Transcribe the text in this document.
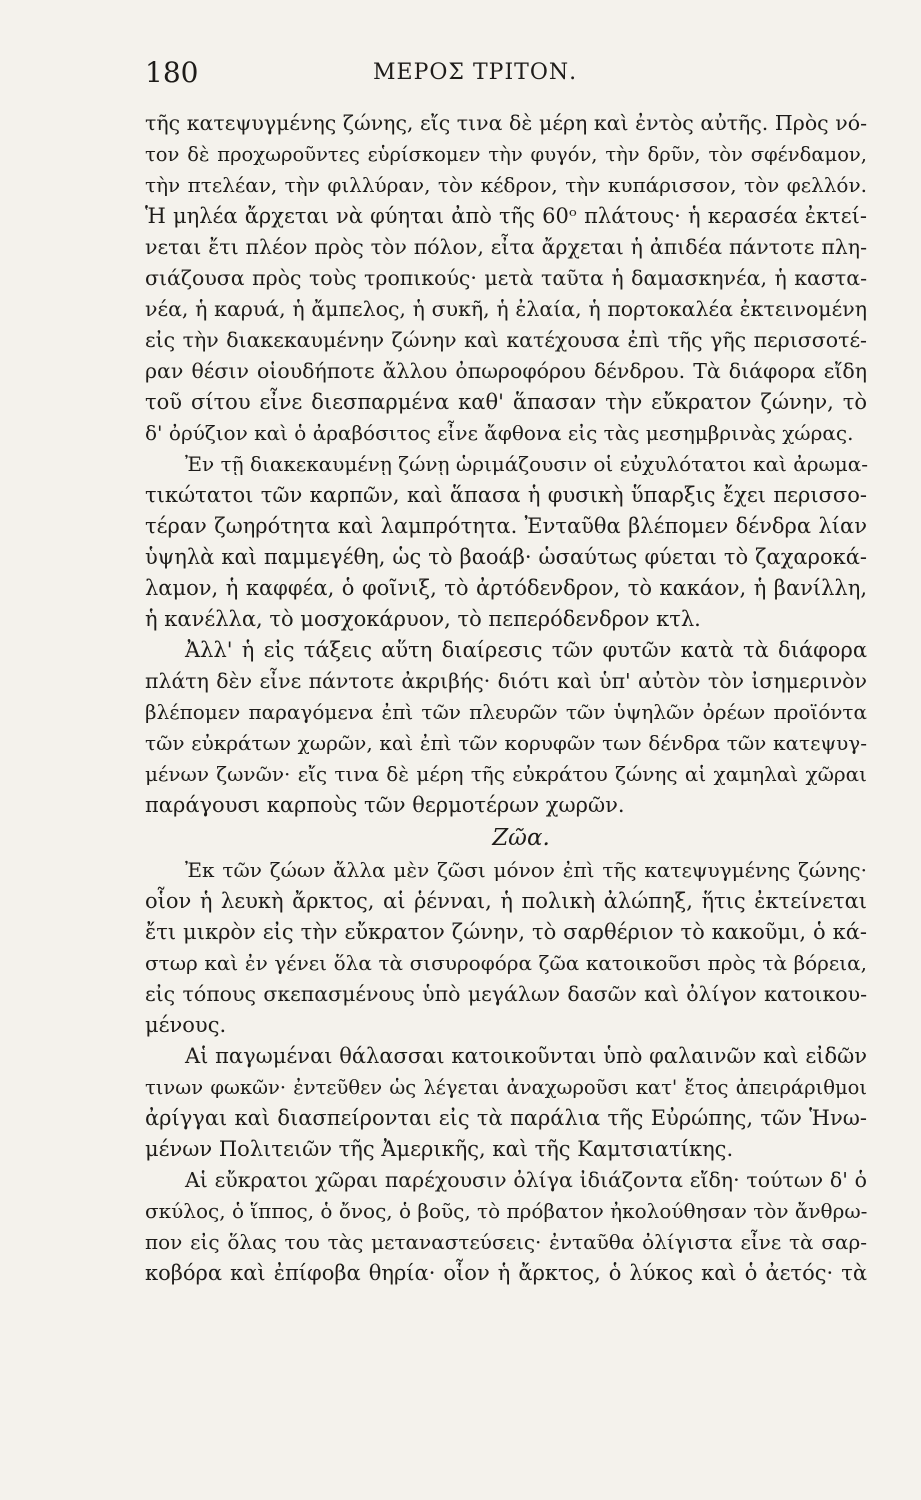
180	ΜΕΡΟΣ ΤΡΙΤΟΝ.
τῆς κατεψυγμένης ζώνης, εἴς τινα δὲ μέρη καὶ ἐντὸς αὐτῆς. Πρὸς νό-
τον δὲ προχωροῦντες εὑρίσκομεν τὴν φυγόν, τὴν δρῦν, τὸν σφένδαμον,
τὴν πτελέαν, τὴν φιλλύραν, τὸν κέδρον, τὴν κυπάρισσον, τὸν φελλόν.
Ἡ μηλέα ἄρχεται νὰ φύηται ἀπὸ τῆς 60ᵒ πλάτους· ἡ κερασέα ἐκτεί-
νεται ἔτι πλέον πρὸς τὸν πόλον, εἶτα ἄρχεται ἡ ἀπιδέα πάντοτε πλη-
σιάζουσα πρὸς τοὺς τροπικούς· μετὰ ταῦτα ἡ δαμασκηνέα, ἡ καστα-
νέα, ἡ καρυά, ἡ ἄμπελος, ἡ συκῆ, ἡ ἐλαία, ἡ πορτοκαλέα ἐκτεινομένη
εἰς τὴν διακεκαυμένην ζώνην καὶ κατέχουσα ἐπὶ τῆς γῆς περισσοτέ-
ραν θέσιν οἱουδήποτε ἄλλου ὀπωροφόρου δένδρου. Τὰ διάφορα εἴδη
τοῦ σίτου εἶνε διεσπαρμένα καθ' ἅπασαν τὴν εὔκρατον ζώνην, τὸ
δ' ὀρύζιον καὶ ὁ ἀραβόσιτος εἶνε ἄφθονα εἰς τὰς μεσημβρινὰς χώρας.
Ἐν τῇ διακεκαυμένῃ ζώνῃ ὡριμάζουσιν οἱ εὐχυλότατοι καὶ ἀρωμα-
τικώτατοι τῶν καρπῶν, καὶ ἅπασα ἡ φυσικὴ ὕπαρξις ἔχει περισσο-
τέραν ζωηρότητα καὶ λαμπρότητα. Ἐνταῦθα βλέπομεν δένδρα λίαν
ὑψηλὰ καὶ παμμεγέθη, ὡς τὸ βαοάβ· ὡσαύτως φύεται τὸ ζαχαροκά-
λαμον, ἡ καφφέα, ὁ φοῖνιξ, τὸ ἀρτόδενδρον, τὸ κακάον, ἡ βανίλλη,
ἡ κανέλλα, τὸ μοσχοκάρυον, τὸ πεπερόδενδρον κτλ.
Ἀλλ' ἡ εἰς τάξεις αὕτη διαίρεσις τῶν φυτῶν κατὰ τὰ διάφορα
πλάτη δὲν εἶνε πάντοτε ἀκριβής· διότι καὶ ὑπ' αὐτὸν τὸν ἰσημερινὸν
βλέπομεν παραγόμενα ἐπὶ τῶν πλευρῶν τῶν ὑψηλῶν ὀρέων προϊόντα
τῶν εὐκράτων χωρῶν, καὶ ἐπὶ τῶν κορυφῶν των δένδρα τῶν κατεψυγ-
μένων ζωνῶν· εἴς τινα δὲ μέρη τῆς εὐκράτου ζώνης αἱ χαμηλαὶ χῶραι
παράγουσι καρποὺς τῶν θερμοτέρων χωρῶν.
Ζῶα.
Ἐκ τῶν ζώων ἄλλα μὲν ζῶσι μόνον ἐπὶ τῆς κατεψυγμένης ζώνης·
οἷον ἡ λευκὴ ἄρκτος, αἱ ῥένναι, ἡ πολικὴ ἀλώπηξ, ἥτις ἐκτείνεται
ἔτι μικρὸν εἰς τὴν εὔκρατον ζώνην, τὸ σαρθέριον τὸ κακοῦμι, ὁ κά-
στωρ καὶ ἐν γένει ὅλα τὰ σισυροφόρα ζῶα κατοικοῦσι πρὸς τὰ βόρεια,
εἰς τόπους σκεπασμένους ὑπὸ μεγάλων δασῶν καὶ ὀλίγον κατοικου-
μένους.
Αἱ παγωμέναι θάλασσαι κατοικοῦνται ὑπὸ φαλαινῶν καὶ εἰδῶν
τινων φωκῶν· ἐντεῦθεν ὡς λέγεται ἀναχωροῦσι κατ' ἔτος ἀπειράριθμοι
ἀρίγγαι καὶ διασπείρονται εἰς τὰ παράλια τῆς Εὐρώπης, τῶν Ἡνω-
μένων Πολιτειῶν τῆς Ἀμερικῆς, καὶ τῆς Καμτσιατίκης.
Αἱ εὔκρατοι χῶραι παρέχουσιν ὀλίγα ἰδιάζοντα εἴδη· τούτων δ' ὁ
σκύλος, ὁ ἵππος, ὁ ὄνος, ὁ βοῦς, τὸ πρόβατον ἠκολούθησαν τὸν ἄνθρω-
πον εἰς ὅλας του τὰς μεταναστεύσεις· ἐνταῦθα ὀλίγιστα εἶνε τὰ σαρ-
κοβόρα καὶ ἐπίφοβα θηρία· οἷον ἡ ἄρκτος, ὁ λύκος καὶ ὁ ἀετός· τὰ
